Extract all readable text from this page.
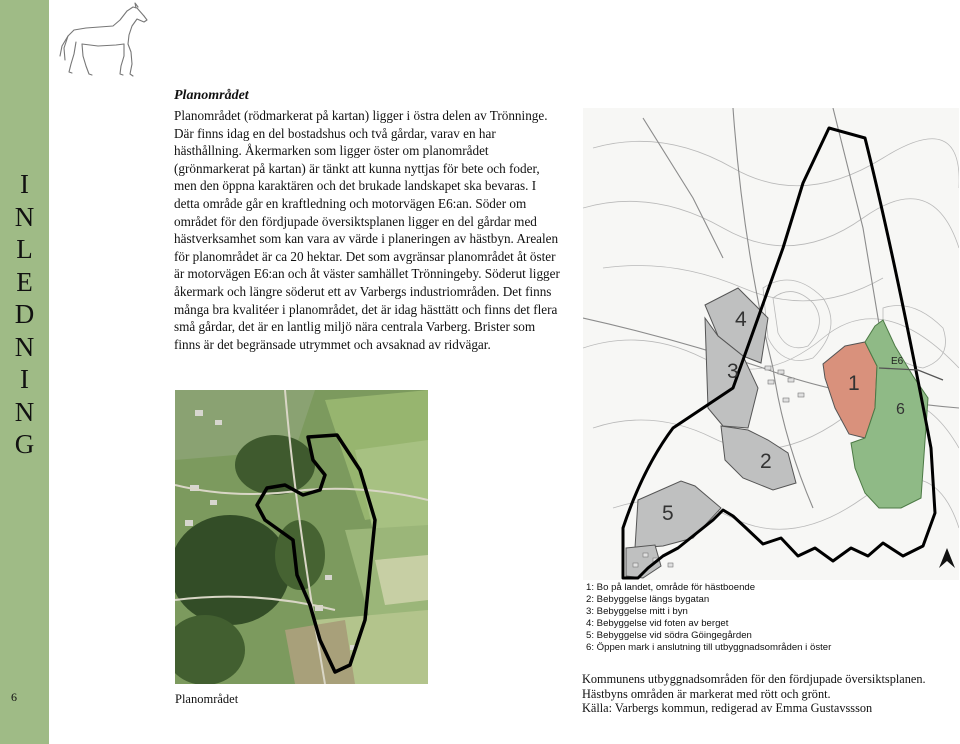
I
N
L
E
D
N
I
N
G
6
Planområdet
Planområdet (rödmarkerat på kartan) ligger i östra delen av Trönninge. Där finns idag en del bostadshus och två gårdar, varav en har hästhållning. Åkermarken som ligger öster om planområdet (grönmarkerat på kartan) är tänkt att kunna nyttjas för bete och foder, men den öppna karaktären och det brukade landskapet ska bevaras. I detta område går en kraftledning och motorvägen E6:an. Söder om området för den fördjupade översiktsplanen ligger en del gårdar med hästverksamhet som kan vara av värde i planeringen av hästbyn. Arealen för planområdet är ca 20 hektar. Det som avgränsar planområdet åt öster är motorvägen E6:an och åt väster samhället Trönningeby. Söderut ligger åkermark och längre söderut ett av Varbergs industriområden. Det finns många bra kvalitéer i planområdet, det är idag hästtätt och finns det flera små gårdar, det är en lantlig miljö nära centrala Varberg. Brister som finns är det begränsade utrymmet och avsaknad av ridvägar.
Planområdet
4
3
2
5
1
6
E6
1: Bo på landet, område för hästboende
2: Bebyggelse längs bygatan
3: Bebyggelse mitt i byn
4: Bebyggelse vid foten av berget
5: Bebyggelse vid södra Göingegården
6: Öppen mark i anslutning till utbyggnadsområden i öster
Kommunens utbyggnadsområden för den fördjupade översiktsplanen. Hästbyns områden är markerat med rött och grönt.
Källa: Varbergs kommun, redigerad av Emma Gustavssson
